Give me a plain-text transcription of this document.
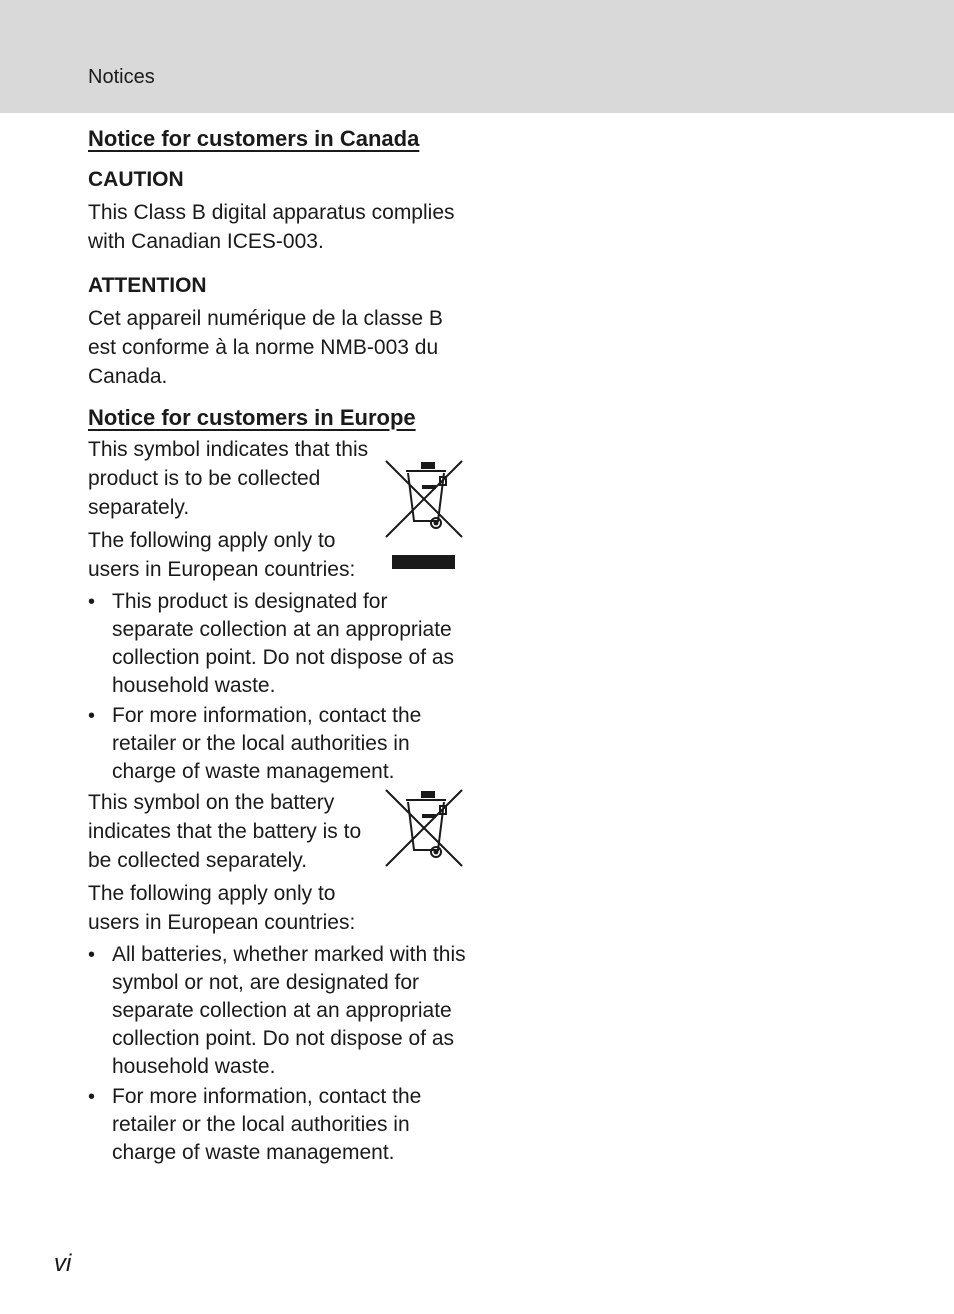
Notices
Notice for customers in Canada

CAUTION

This Class B digital apparatus complies with Canadian ICES-003.

ATTENTION

Cet appareil numérique de la classe B est conforme à la norme NMB-003 du Canada.

Notice for customers in Europe

This symbol indicates that this product is to be collected separately.

The following apply only to users in European countries:

• This product is designated for separate collection at an appropriate collection point. Do not dispose of as household waste.
• For more information, contact the retailer or the local authorities in charge of waste management.

This symbol on the battery indicates that the battery is to be collected separately.

The following apply only to users in European countries:

• All batteries, whether marked with this symbol or not, are designated for separate collection at an appropriate collection point. Do not dispose of as household waste.
• For more information, contact the retailer or the local authorities in charge of waste management.
vi
